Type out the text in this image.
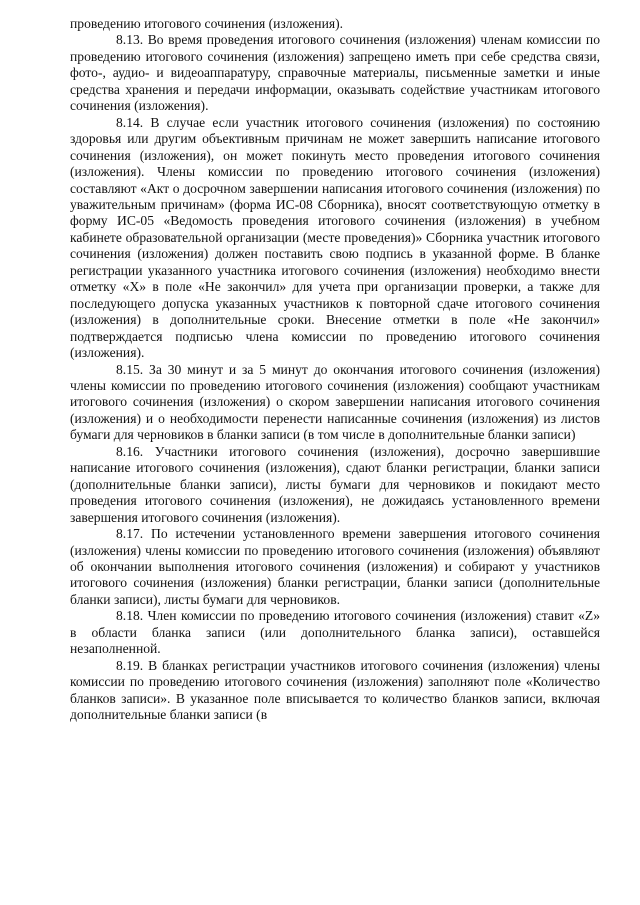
проведению итогового сочинения (изложения).

8.13. Во время проведения итогового сочинения (изложения) членам комиссии по проведению итогового сочинения (изложения) запрещено иметь при себе средства связи, фото-, аудио- и видеоаппаратуру, справочные материалы, письменные заметки и иные средства хранения и передачи информации, оказывать содействие участникам итогового сочинения (изложения).

8.14. В случае если участник итогового сочинения (изложения) по состоянию здоровья или другим объективным причинам не может завершить написание итогового сочинения (изложения), он может покинуть место проведения итогового сочинения (изложения). Члены комиссии по проведению итогового сочинения (изложения) составляют «Акт о досрочном завершении написания итогового сочинения (изложения) по уважительным причинам» (форма ИС-08 Сборника), вносят соответствующую отметку в форму ИС-05 «Ведомость проведения итогового сочинения (изложения) в учебном кабинете образовательной организации (месте проведения)» Сборника участник итогового сочинения (изложения) должен поставить свою подпись в указанной форме. В бланке регистрации указанного участника итогового сочинения (изложения) необходимо внести отметку «Х» в поле «Не закончил» для учета при организации проверки, а также для последующего допуска указанных участников к повторной сдаче итогового сочинения (изложения) в дополнительные сроки. Внесение отметки в поле «Не закончил» подтверждается подписью члена комиссии по проведению итогового сочинения (изложения).

8.15. За 30 минут и за 5 минут до окончания итогового сочинения (изложения) члены комиссии по проведению итогового сочинения (изложения) сообщают участникам итогового сочинения (изложения) о скором завершении написания итогового сочинения (изложения) и о необходимости перенести написанные сочинения (изложения) из листов бумаги для черновиков в бланки записи (в том числе в дополнительные бланки записи)

8.16. Участники итогового сочинения (изложения), досрочно завершившие написание итогового сочинения (изложения), сдают бланки регистрации, бланки записи (дополнительные бланки записи), листы бумаги для черновиков и покидают место проведения итогового сочинения (изложения), не дожидаясь установленного времени завершения итогового сочинения (изложения).

8.17. По истечении установленного времени завершения итогового сочинения (изложения) члены комиссии по проведению итогового сочинения (изложения) объявляют об окончании выполнения итогового сочинения (изложения) и собирают у участников итогового сочинения (изложения) бланки регистрации, бланки записи (дополнительные бланки записи), листы бумаги для черновиков.

8.18. Член комиссии по проведению итогового сочинения (изложения) ставит «Z» в области бланка записи (или дополнительного бланка записи), оставшейся незаполненной.

8.19. В бланках регистрации участников итогового сочинения (изложения) члены комиссии по проведению итогового сочинения (изложения) заполняют поле «Количество бланков записи». В указанное поле вписывается то количество бланков записи, включая дополнительные бланки записи (в
